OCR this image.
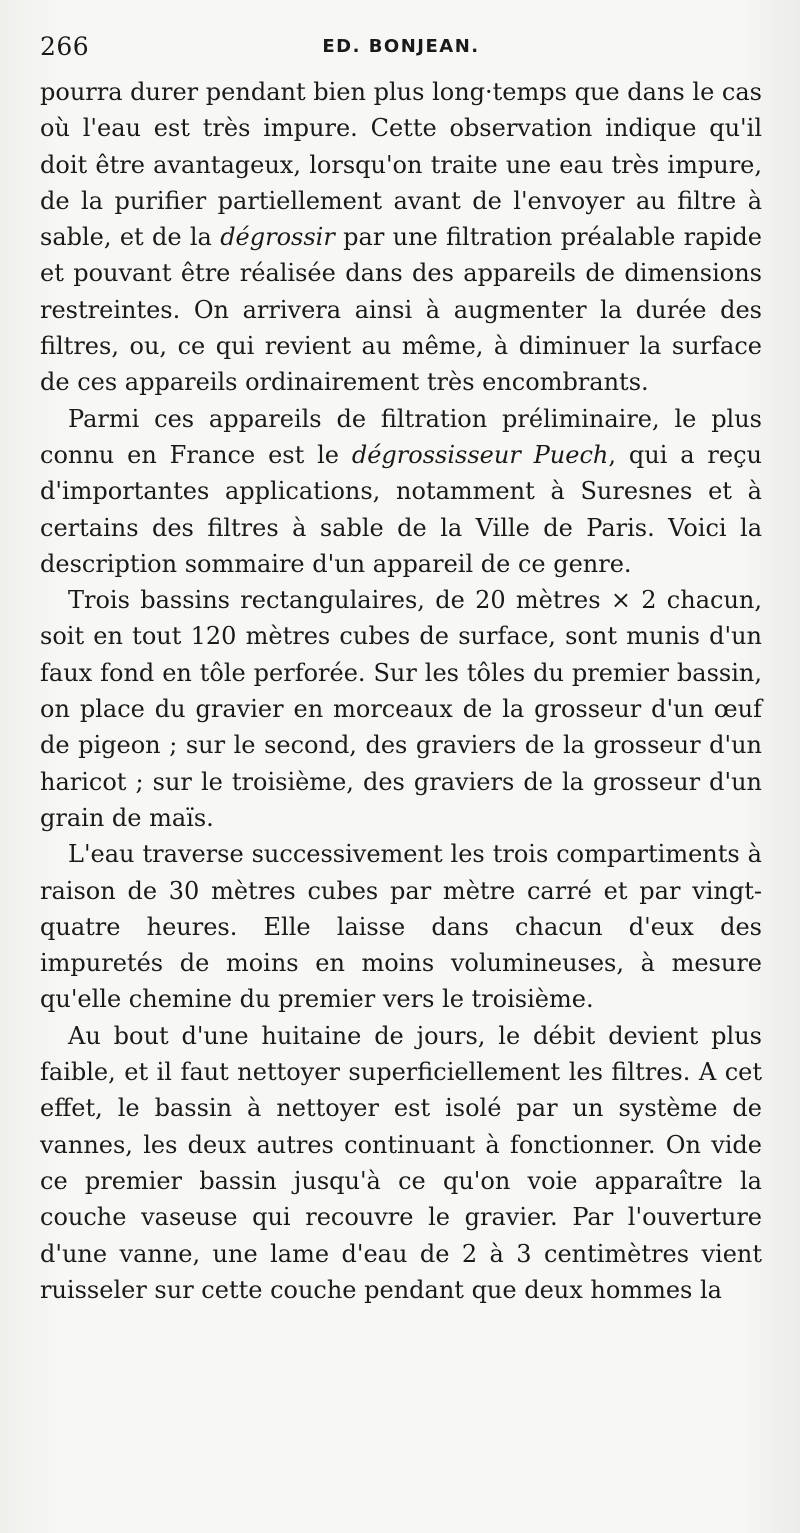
266	ED. BONJEAN.

pourra durer pendant bien plus long·temps que dans le cas où l'eau est très impure. Cette observation indique qu'il doit être avantageux, lorsqu'on traite une eau très impure, de la purifier partiellement avant de l'envoyer au filtre à sable, et de la dégrossir par une filtration préalable rapide et pouvant être réalisée dans des appareils de dimensions restreintes. On arrivera ainsi à augmenter la durée des filtres, ou, ce qui revient au même, à diminuer la surface de ces appareils ordinairement très encombrants.

Parmi ces appareils de filtration préliminaire, le plus connu en France est le dégrossisseur Puech, qui a reçu d'importantes applications, notamment à Suresnes et à certains des filtres à sable de la Ville de Paris. Voici la description sommaire d'un appareil de ce genre.

Trois bassins rectangulaires, de 20 mètres × 2 chacun, soit en tout 120 mètres cubes de surface, sont munis d'un faux fond en tôle perforée. Sur les tôles du premier bassin, on place du gravier en morceaux de la grosseur d'un œuf de pigeon ; sur le second, des graviers de la grosseur d'un haricot ; sur le troisième, des graviers de la grosseur d'un grain de maïs.

L'eau traverse successivement les trois compartiments à raison de 30 mètres cubes par mètre carré et par vingt-quatre heures. Elle laisse dans chacun d'eux des impuretés de moins en moins volumineuses, à mesure qu'elle chemine du premier vers le troisième.

Au bout d'une huitaine de jours, le débit devient plus faible, et il faut nettoyer superficiellement les filtres. A cet effet, le bassin à nettoyer est isolé par un système de vannes, les deux autres continuant à fonctionner. On vide ce premier bassin jusqu'à ce qu'on voie apparaître la couche vaseuse qui recouvre le gravier. Par l'ouverture d'une vanne, une lame d'eau de 2 à 3 centimètres vient ruisseler sur cette couche pendant que deux hommes la
